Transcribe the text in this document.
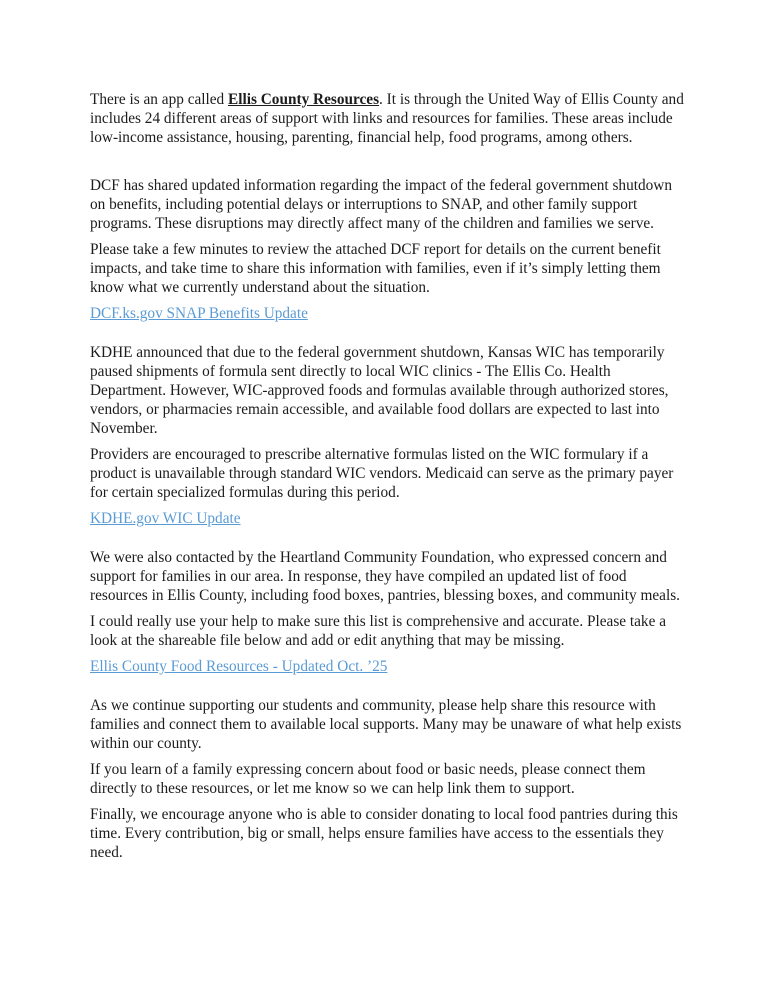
There is an app called Ellis County Resources. It is through the United Way of Ellis County and includes 24 different areas of support with links and resources for families. These areas include low-income assistance, housing, parenting, financial help, food programs, among others.

DCF has shared updated information regarding the impact of the federal government shutdown on benefits, including potential delays or interruptions to SNAP, and other family support programs. These disruptions may directly affect many of the children and families we serve.

Please take a few minutes to review the attached DCF report for details on the current benefit impacts, and take time to share this information with families, even if it’s simply letting them know what we currently understand about the situation.

DCF.ks.gov SNAP Benefits Update

KDHE announced that due to the federal government shutdown, Kansas WIC has temporarily paused shipments of formula sent directly to local WIC clinics - The Ellis Co. Health Department. However, WIC-approved foods and formulas available through authorized stores, vendors, or pharmacies remain accessible, and available food dollars are expected to last into November.

Providers are encouraged to prescribe alternative formulas listed on the WIC formulary if a product is unavailable through standard WIC vendors. Medicaid can serve as the primary payer for certain specialized formulas during this period.

KDHE.gov WIC Update

We were also contacted by the Heartland Community Foundation, who expressed concern and support for families in our area. In response, they have compiled an updated list of food resources in Ellis County, including food boxes, pantries, blessing boxes, and community meals.

I could really use your help to make sure this list is comprehensive and accurate. Please take a look at the shareable file below and add or edit anything that may be missing.

Ellis County Food Resources - Updated Oct. ’25

As we continue supporting our students and community, please help share this resource with families and connect them to available local supports. Many may be unaware of what help exists within our county.

If you learn of a family expressing concern about food or basic needs, please connect them directly to these resources, or let me know so we can help link them to support.

Finally, we encourage anyone who is able to consider donating to local food pantries during this time. Every contribution, big or small, helps ensure families have access to the essentials they need.
